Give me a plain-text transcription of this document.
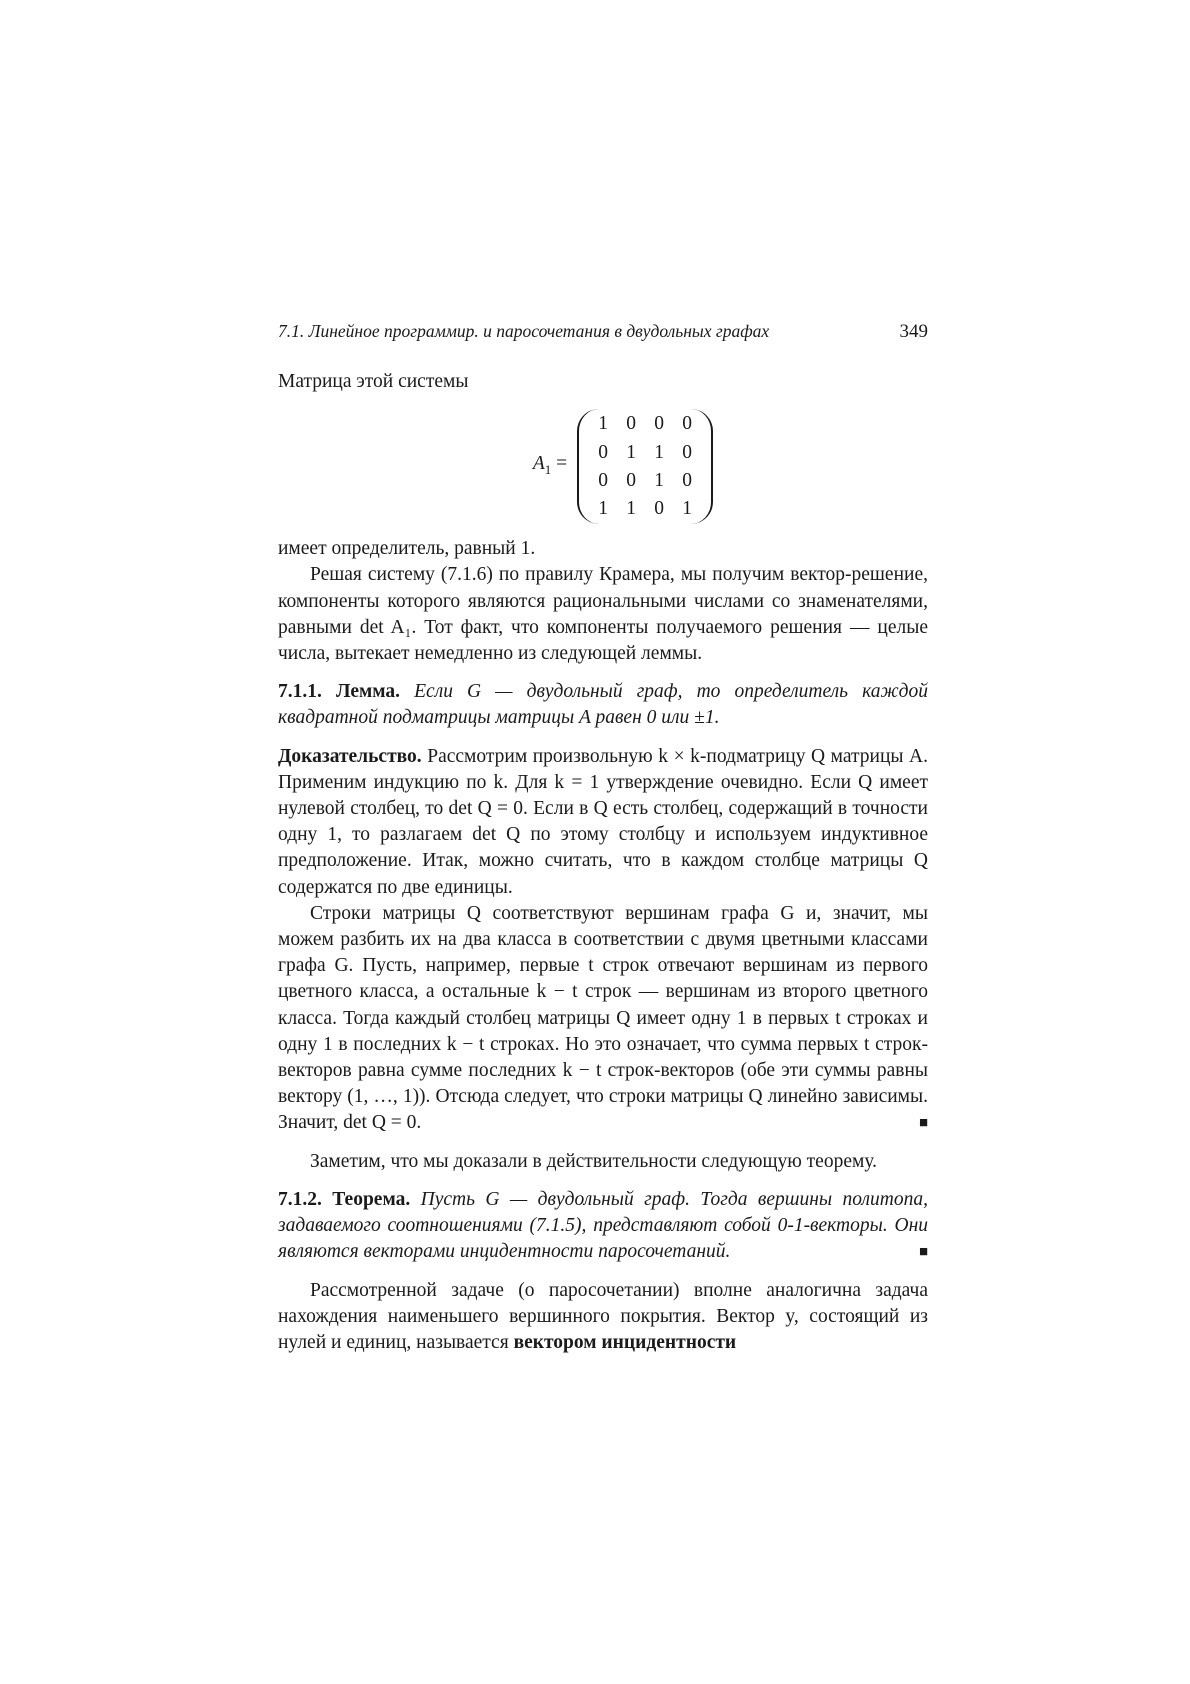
7.1. Линейное программир. и паросочетания в двудольных графах	349

Матрица этой системы

$A_1$ =
1 0 0 0
0 1 1 0
0 0 1 0
1 1 0 1

имеет определитель, равный 1.

Решая систему (7.1.6) по правилу Крамера, мы получим вектор-решение, компоненты которого являются рациональными числами со знаменателями, равными det A₁. Тот факт, что компоненты получаемого решения — целые числа, вытекает немедленно из следующей леммы.

7.1.1. Лемма. Если G — двудольный граф, то определитель каждой квадратной подматрицы матрицы A равен 0 или ±1.

Доказательство. Рассмотрим произвольную k × k-подматрицу Q матрицы A. Применим индукцию по k. Для k = 1 утверждение очевидно. Если Q имеет нулевой столбец, то det Q = 0. Если в Q есть столбец, содержащий в точности одну 1, то разлагаем det Q по этому столбцу и используем индуктивное предположение. Итак, можно считать, что в каждом столбце матрицы Q содержатся по две единицы.

Строки матрицы Q соответствуют вершинам графа G и, значит, мы можем разбить их на два класса в соответствии с двумя цветными классами графа G. Пусть, например, первые t строк отвечают вершинам из первого цветного класса, а остальные k − t строк — вершинам из второго цветного класса. Тогда каждый столбец матрицы Q имеет одну 1 в первых t строках и одну 1 в последних k − t строках. Но это означает, что сумма первых t строк-векторов равна сумме последних k − t строк-векторов (обе эти суммы равны вектору (1, …, 1)). Отсюда следует, что строки матрицы Q линейно зависимы. Значит, det Q = 0.	■

Заметим, что мы доказали в действительности следующую теорему.

7.1.2. Теорема. Пусть G — двудольный граф. Тогда вершины политопа, задаваемого соотношениями (7.1.5), представляют собой 0-1-векторы. Они являются векторами инцидентности паросочетаний.	■

Рассмотренной задаче (о паросочетании) вполне аналогична задача нахождения наименьшего вершинного покрытия. Вектор y, состоящий из нулей и единиц, называется вектором инцидентности
